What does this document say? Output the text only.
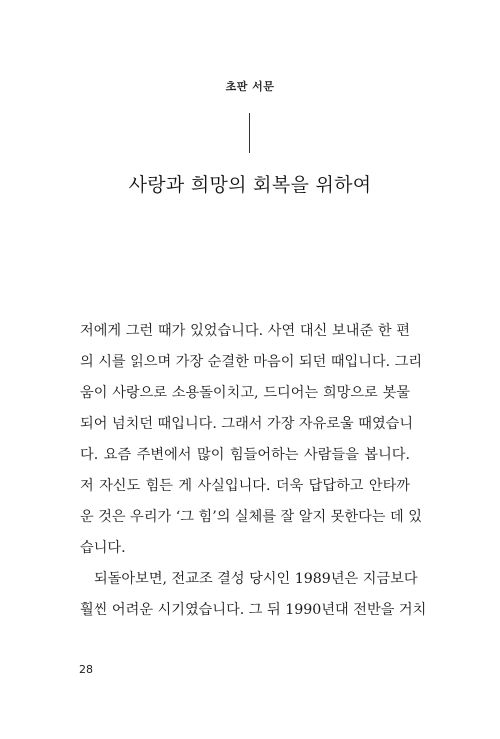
초판 서문
사랑과 희망의 회복을 위하여
저에게 그런 때가 있었습니다. 사연 대신 보내준 한 편
의 시를 읽으며 가장 순결한 마음이 되던 때입니다. 그리
움이 사랑으로 소용돌이치고, 드디어는 희망으로 봇물
되어 넘치던 때입니다. 그래서 가장 자유로울 때였습니
다. 요즘 주변에서 많이 힘들어하는 사람들을 봅니다.
저 자신도 힘든 게 사실입니다. 더욱 답답하고 안타까
운 것은 우리가 ‘그 힘’의 실체를 잘 알지 못한다는 데 있
습니다.
되돌아보면, 전교조 결성 당시인 1989년은 지금보다
훨씬 어려운 시기였습니다. 그 뒤 1990년대 전반을 거치
28
